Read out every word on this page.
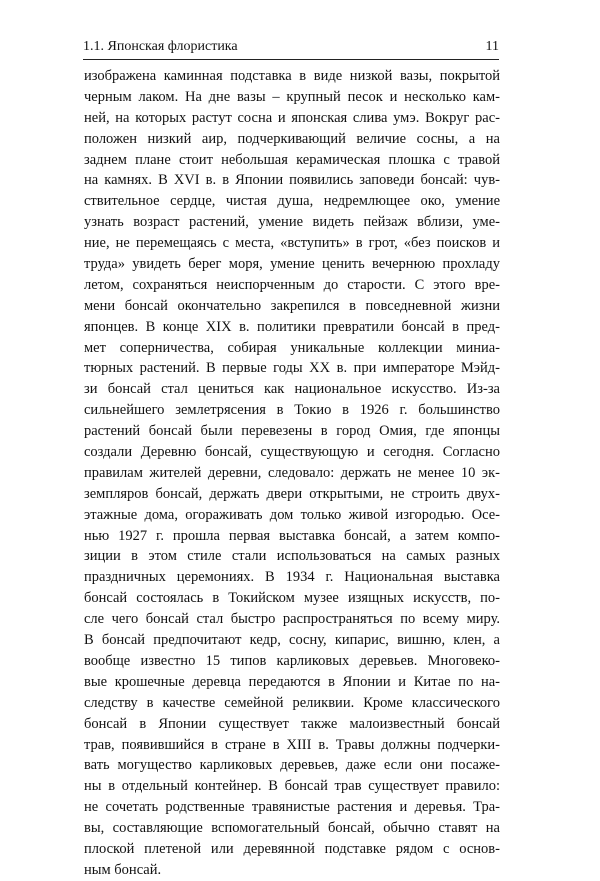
1.1. Японская флористика	11
изображена каминная подставка в виде низкой вазы, покрытой
черным лаком. На дне вазы – крупный песок и несколько кам-
ней, на которых растут сосна и японская слива умэ. Вокруг рас-
положен низкий аир, подчеркивающий величие сосны, а на
заднем плане стоит небольшая керамическая плошка с травой
на камнях. В XVI в. в Японии появились заповеди бонсай: чув-
ствительное сердце, чистая душа, недремлющее око, умение
узнать возраст растений, умение видеть пейзаж вблизи, уме-
ние, не перемещаясь с места, «вступить» в грот, «без поисков и
труда» увидеть берег моря, умение ценить вечернюю прохладу
летом, сохраняться неиспорченным до старости. С этого вре-
мени бонсай окончательно закрепился в повседневной жизни
японцев. В конце XIX в. политики превратили бонсай в пред-
мет соперничества, собирая уникальные коллекции миниа-
тюрных растений. В первые годы XX в. при императоре Мэйд-
зи бонсай стал цениться как национальное искусство. Из-за
сильнейшего землетрясения в Токио в 1926 г. большинство
растений бонсай были перевезены в город Омия, где японцы
создали Деревню бонсай, существующую и сегодня. Согласно
правилам жителей деревни, следовало: держать не менее 10 эк-
земпляров бонсай, держать двери открытыми, не строить двух-
этажные дома, огораживать дом только живой изгородью. Осе-
нью 1927 г. прошла первая выставка бонсай, а затем компо-
зиции в этом стиле стали использоваться на самых разных
праздничных церемониях. В 1934 г. Национальная выставка
бонсай состоялась в Токийском музее изящных искусств, по-
сле чего бонсай стал быстро распространяться по всему миру.
В бонсай предпочитают кедр, сосну, кипарис, вишню, клен, а
вообще известно 15 типов карликовых деревьев. Многовеко-
вые крошечные деревца передаются в Японии и Китае по на-
следству в качестве семейной реликвии. Кроме классического
бонсай в Японии существует также малоизвестный бонсай
трав, появившийся в стране в XIII в. Травы должны подчерки-
вать могущество карликовых деревьев, даже если они посаже-
ны в отдельный контейнер. В бонсай трав существует правило:
не сочетать родственные травянистые растения и деревья. Тра-
вы, составляющие вспомогательный бонсай, обычно ставят на
плоской плетеной или деревянной подставке рядом с основ-
ным бонсай.
